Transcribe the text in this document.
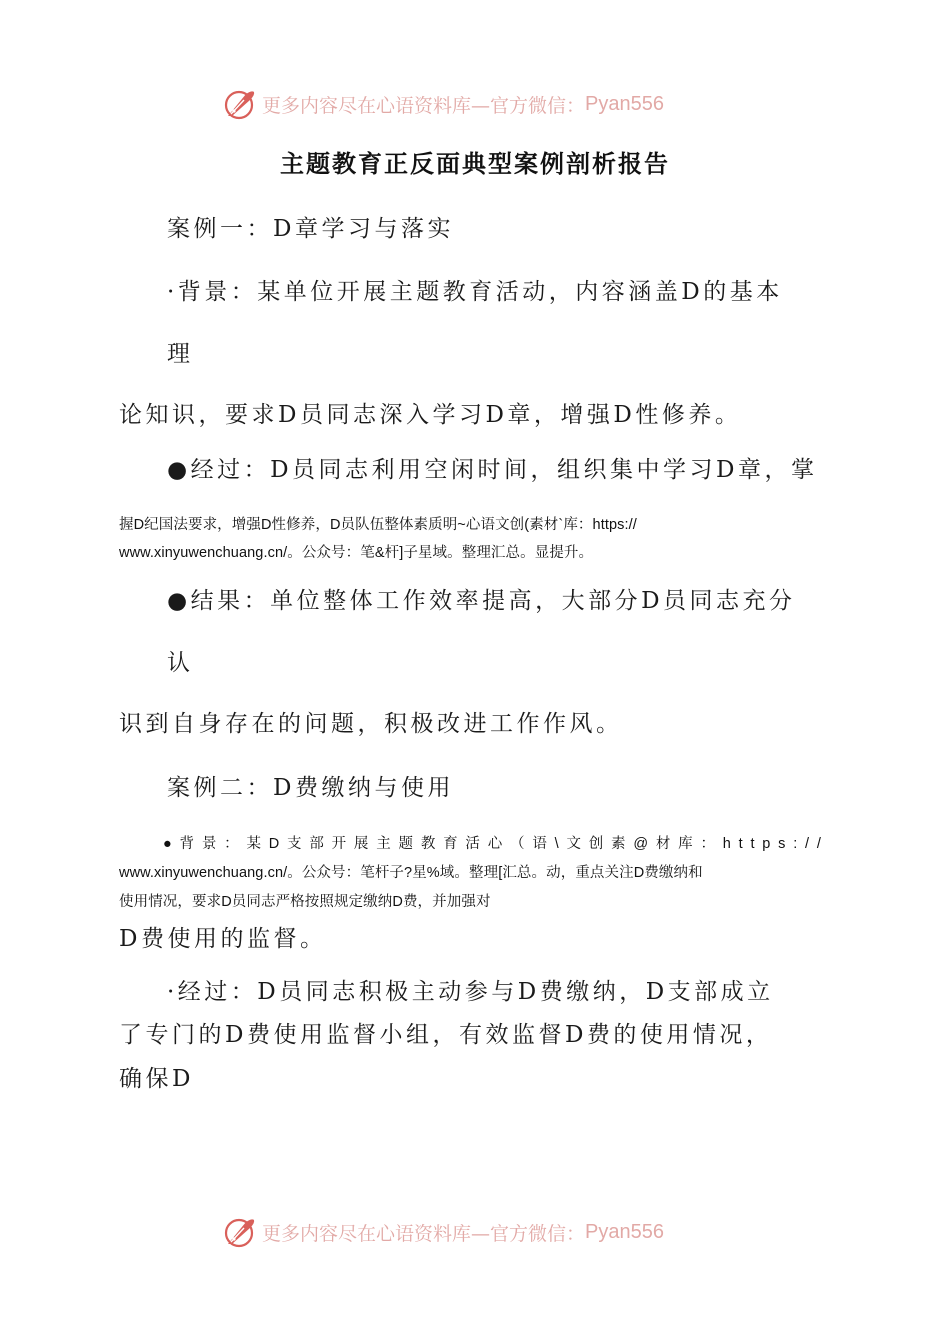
更多内容尽在心语资料库—官方微信： Pyan556
主题教育正反面典型案例剖析报告
案例一：D章学习与落实
·背景：某单位开展主题教育活动，内容涵盖D的基本
理
论知识，要求D员同志深入学习D章，增强D性修养。
●经过：D员同志利用空闲时间，组织集中学习D章，掌
握D纪国法要求，增强D性修养，D员队伍整体素质明~心语文创(素材`库：https://
www.xinyuwenchuang.cn/。公众号：笔&杆]子星域。整理汇总。显提升。
●结果：单位整体工作效率提高，大部分D员同志充分
认
识到自身存在的问题，积极改进工作作风。
案例二：D费缴纳与使用
●背景：某D支部开展主题教育活心（语\文创素@材库：https://
www.xinyuwenchuang.cn/。公众号：笔杆子?星%域。整理[汇总。动，重点关注D费缴纳和
使用情况，要求D员同志严格按照规定缴纳D费，并加强对
D费使用的监督。
·经过：D员同志积极主动参与D费缴纳，D支部成立
了专门的D费使用监督小组，有效监督D费的使用情况，
确保D
更多内容尽在心语资料库—官方微信： Pyan556
